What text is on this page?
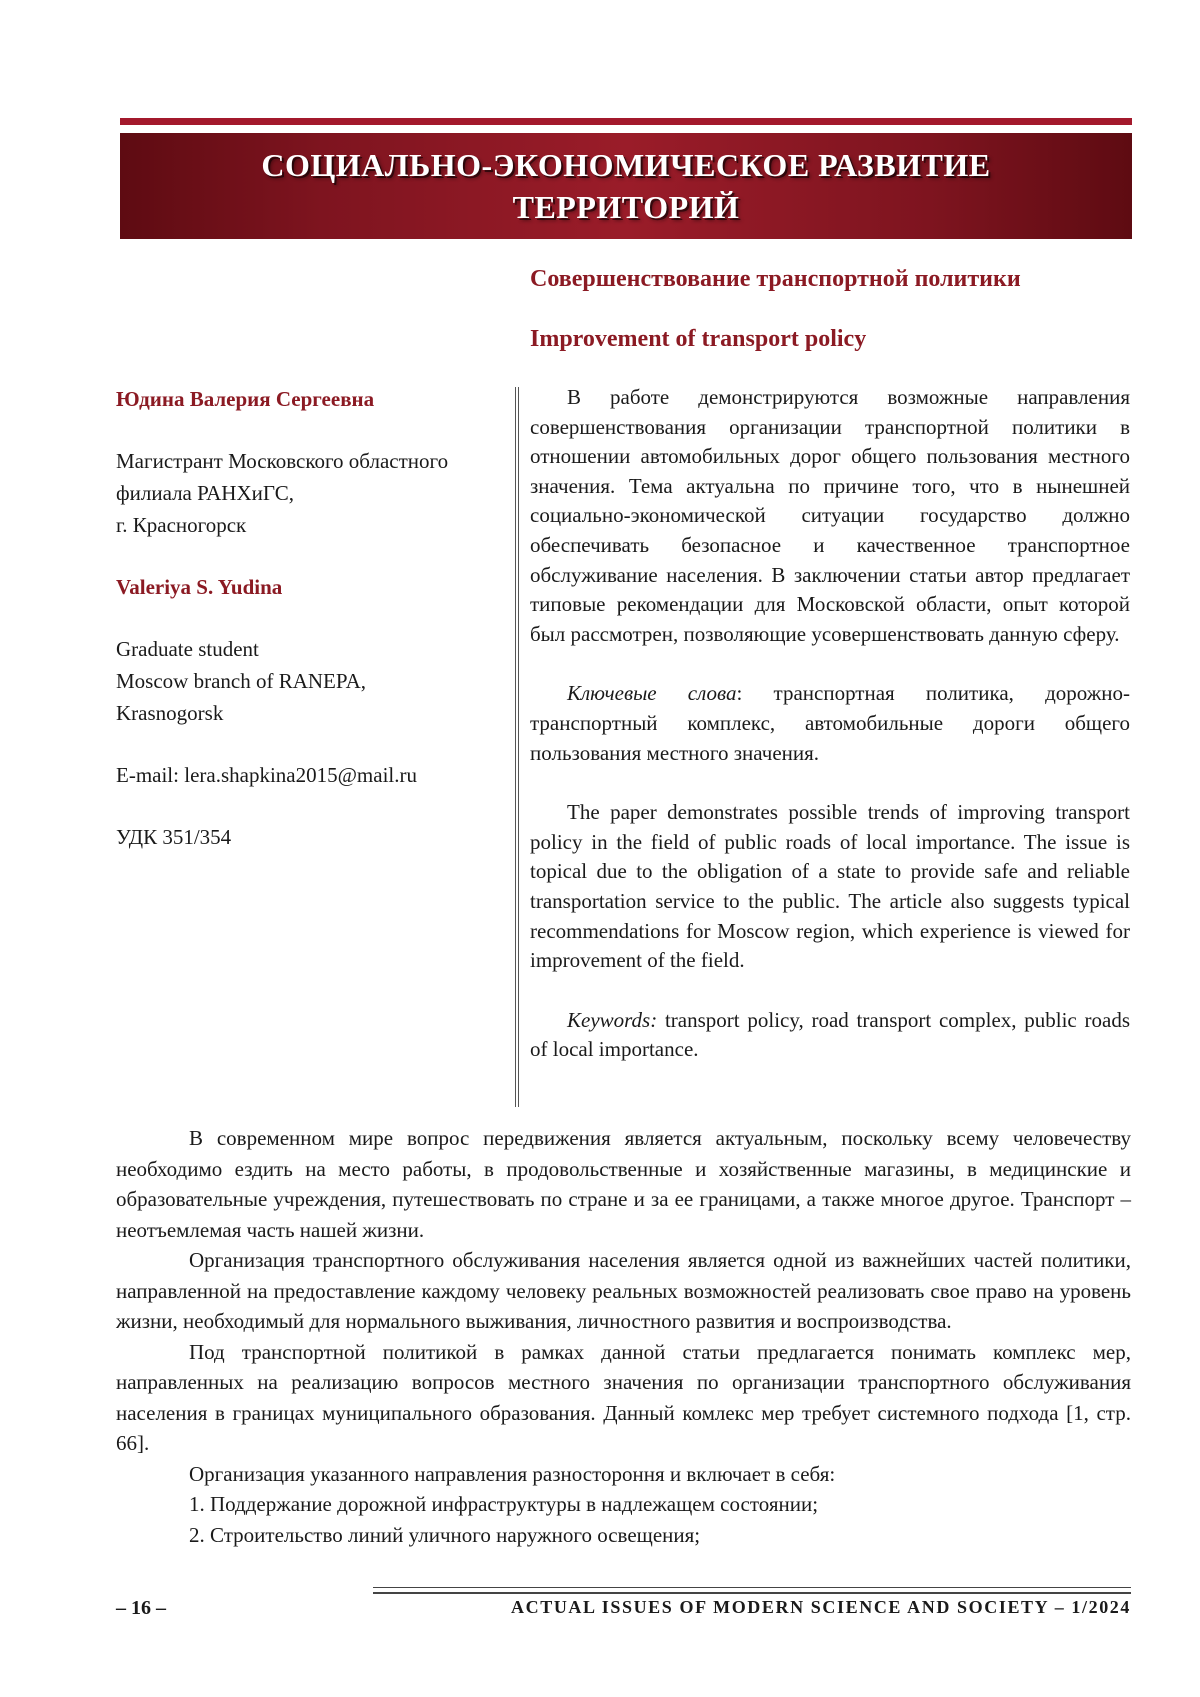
СОЦИАЛЬНО-ЭКОНОМИЧЕСКОЕ РАЗВИТИЕ
ТЕРРИТОРИЙ
Совершенствование транспортной политики
Improvement of transport policy

Юдина Валерия Сергеевна

Магистрант Московского областного

филиала РАНХиГС,

г. Красногорск

Valeriya S. Yudina

Graduate student

Moscow branch of RANEPA,

Krasnogorsk

E-mail: lera.shapkina2015@mail.ru

УДК 351/354

В работе демонстрируются возможные направления совершенствования организации транспортной политики в отношении автомобильных дорог общего пользования местного значения. Тема актуальна по причине того, что в нынешней социально-экономической ситуации государство должно обеспечивать безопасное и качественное транспортное обслуживание населения. В заключении статьи автор предлагает типовые рекомендации для Московской области, опыт которой был рассмотрен, позволяющие усовершенствовать данную сферу.

Ключевые слова: транспортная политика, дорожно-транспортный комплекс, автомобильные дороги общего пользования местного значения.

The paper demonstrates possible trends of improving transport policy in the field of public roads of local importance. The issue is topical due to the obligation of a state to provide safe and reliable transportation service to the public. The article also suggests typical recommendations for Moscow region, which experience is viewed for improvement of the field.

Keywords: transport policy, road transport complex, public roads of local importance.

В современном мире вопрос передвижения является актуальным, поскольку всему человечеству необходимо ездить на место работы, в продовольственные и хозяйственные магазины, в медицинские и образовательные учреждения, путешествовать по стране и за ее границами, а также многое другое. Транспорт – неотъемлемая часть нашей жизни.

Организация транспортного обслуживания населения является одной из важнейших частей политики, направленной на предоставление каждому человеку реальных возможностей реализовать свое право на уровень жизни, необходимый для нормального выживания, личностного развития и воспроизводства.

Под транспортной политикой в рамках данной статьи предлагается понимать комплекс мер, направленных на реализацию вопросов местного значения по организации транспортного обслуживания населения в границах муниципального образования. Данный комлекс мер требует системного подхода [1, стр. 66].

Организация указанного направления разностороння и включает в себя:

1. Поддержание дорожной инфраструктуры в надлежащем состоянии;

2. Строительство линий уличного наружного освещения;

– 16 –	ACTUAL ISSUES OF MODERN SCIENCE AND SOCIETY – 1/2024
